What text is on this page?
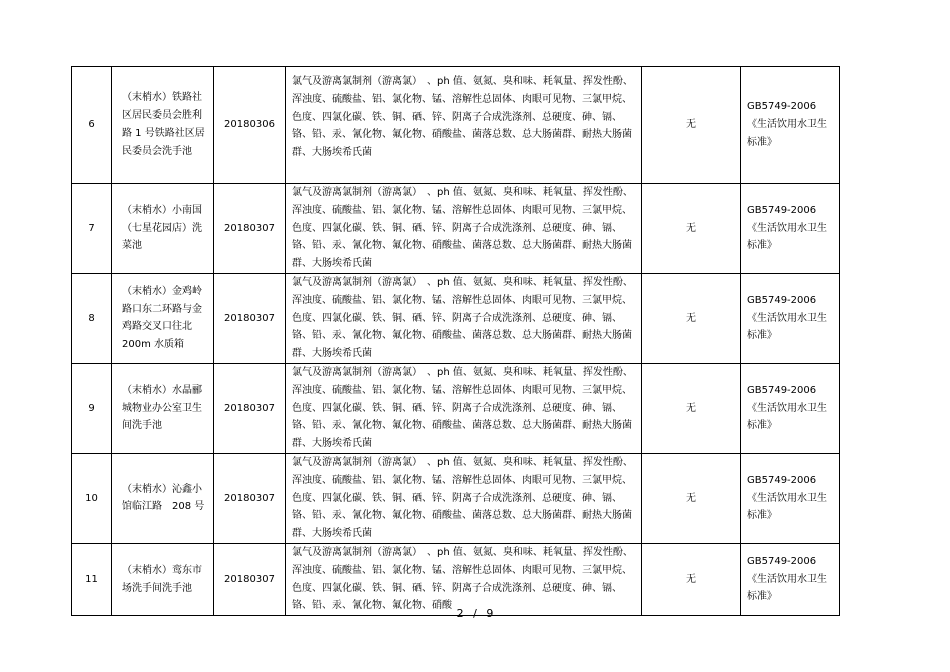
6	（末梢水）铁路社区居民委员会胜利路 1 号铁路社区居民委员会洗手池	20180306	氯气及游离氯制剂（游离氯）　、ph 值、氨氮、臭和味、耗氧量、挥发性酚、浑浊度、硫酸盐、铝、氯化物、锰、溶解性总固体、肉眼可见物、三氯甲烷、色度、四氯化碳、铁、铜、硒、锌、阴离子合成洗涤剂、总硬度、砷、镉、铬、铅、汞、氰化物、氟化物、硝酸盐、菌落总数、总大肠菌群、耐热大肠菌群、大肠埃希氏菌	无	GB5749-2006《生活饮用水卫生标准》
7	（末梢水）小南国（七星花园店）洗菜池	20180307	氯气及游离氯制剂（游离氯）　、ph 值、氨氮、臭和味、耗氧量、挥发性酚、浑浊度、硫酸盐、铝、氯化物、锰、溶解性总固体、肉眼可见物、三氯甲烷、色度、四氯化碳、铁、铜、硒、锌、阴离子合成洗涤剂、总硬度、砷、镉、铬、铅、汞、氰化物、氟化物、硝酸盐、菌落总数、总大肠菌群、耐热大肠菌群、大肠埃希氏菌	无	GB5749-2006《生活饮用水卫生标准》
8	（末梢水）金鸡岭路口东二环路与金鸡路交叉口往北 200m 水质箱	20180307	氯气及游离氯制剂（游离氯）　、ph 值、氨氮、臭和味、耗氧量、挥发性酚、浑浊度、硫酸盐、铝、氯化物、锰、溶解性总固体、肉眼可见物、三氯甲烷、色度、四氯化碳、铁、铜、硒、锌、阴离子合成洗涤剂、总硬度、砷、镉、铬、铅、汞、氰化物、氟化物、硝酸盐、菌落总数、总大肠菌群、耐热大肠菌群、大肠埃希氏菌	无	GB5749-2006《生活饮用水卫生标准》
9	（末梢水）水晶郦城物业办公室卫生间洗手池	20180307	氯气及游离氯制剂（游离氯）　、ph 值、氨氮、臭和味、耗氧量、挥发性酚、浑浊度、硫酸盐、铝、氯化物、锰、溶解性总固体、肉眼可见物、三氯甲烷、色度、四氯化碳、铁、铜、硒、锌、阴离子合成洗涤剂、总硬度、砷、镉、铬、铅、汞、氰化物、氟化物、硝酸盐、菌落总数、总大肠菌群、耐热大肠菌群、大肠埃希氏菌	无	GB5749-2006《生活饮用水卫生标准》
10	（末梢水）沁鑫小馆临江路　208 号	20180307	氯气及游离氯制剂（游离氯）　、ph 值、氨氮、臭和味、耗氧量、挥发性酚、浑浊度、硫酸盐、铝、氯化物、锰、溶解性总固体、肉眼可见物、三氯甲烷、色度、四氯化碳、铁、铜、硒、锌、阴离子合成洗涤剂、总硬度、砷、镉、铬、铅、汞、氰化物、氟化物、硝酸盐、菌落总数、总大肠菌群、耐热大肠菌群、大肠埃希氏菌	无	GB5749-2006《生活饮用水卫生标准》
11	（末梢水）鸾东市场洗手间洗手池	20180307	氯气及游离氯制剂（游离氯）　、ph 值、氨氮、臭和味、耗氧量、挥发性酚、浑浊度、硫酸盐、铝、氯化物、锰、溶解性总固体、肉眼可见物、三氯甲烷、色度、四氯化碳、铁、铜、硒、锌、阴离子合成洗涤剂、总硬度、砷、镉、铬、铅、汞、氰化物、氟化物、硝酸	无	GB5749-2006《生活饮用水卫生标准》
2 / 9
